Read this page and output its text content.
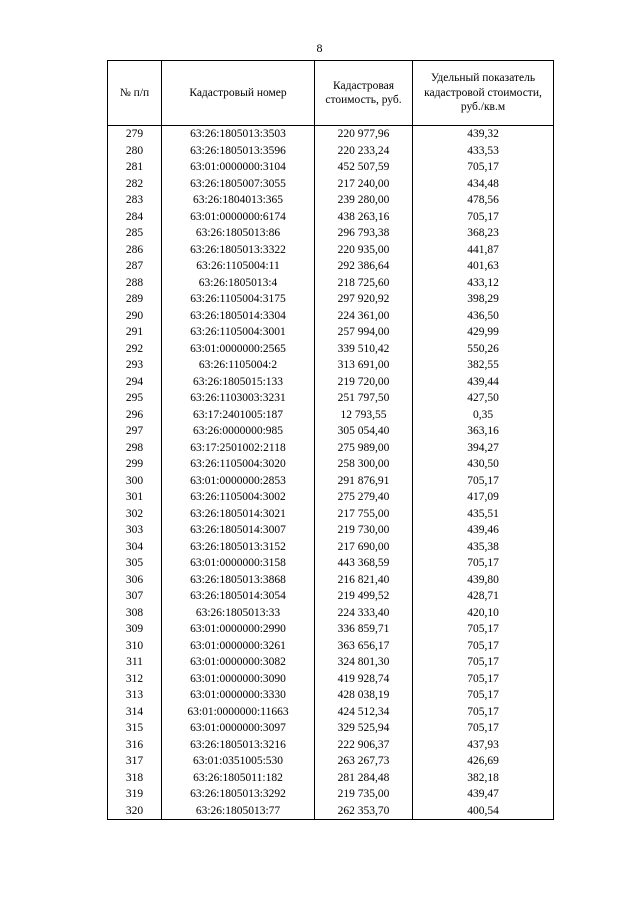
8
№ п/п	Кадастровый номер	Кадастровая стоимость, руб.	Удельный показатель кадастровой стоимости, руб./кв.м
279	63:26:1805013:3503	220 977,96	439,32
280	63:26:1805013:3596	220 233,24	433,53
281	63:01:0000000:3104	452 507,59	705,17
282	63:26:1805007:3055	217 240,00	434,48
283	63:26:1804013:365	239 280,00	478,56
284	63:01:0000000:6174	438 263,16	705,17
285	63:26:1805013:86	296 793,38	368,23
286	63:26:1805013:3322	220 935,00	441,87
287	63:26:1105004:11	292 386,64	401,63
288	63:26:1805013:4	218 725,60	433,12
289	63:26:1105004:3175	297 920,92	398,29
290	63:26:1805014:3304	224 361,00	436,50
291	63:26:1105004:3001	257 994,00	429,99
292	63:01:0000000:2565	339 510,42	550,26
293	63:26:1105004:2	313 691,00	382,55
294	63:26:1805015:133	219 720,00	439,44
295	63:26:1103003:3231	251 797,50	427,50
296	63:17:2401005:187	12 793,55	0,35
297	63:26:0000000:985	305 054,40	363,16
298	63:17:2501002:2118	275 989,00	394,27
299	63:26:1105004:3020	258 300,00	430,50
300	63:01:0000000:2853	291 876,91	705,17
301	63:26:1105004:3002	275 279,40	417,09
302	63:26:1805014:3021	217 755,00	435,51
303	63:26:1805014:3007	219 730,00	439,46
304	63:26:1805013:3152	217 690,00	435,38
305	63:01:0000000:3158	443 368,59	705,17
306	63:26:1805013:3868	216 821,40	439,80
307	63:26:1805014:3054	219 499,52	428,71
308	63:26:1805013:33	224 333,40	420,10
309	63:01:0000000:2990	336 859,71	705,17
310	63:01:0000000:3261	363 656,17	705,17
311	63:01:0000000:3082	324 801,30	705,17
312	63:01:0000000:3090	419 928,74	705,17
313	63:01:0000000:3330	428 038,19	705,17
314	63:01:0000000:11663	424 512,34	705,17
315	63:01:0000000:3097	329 525,94	705,17
316	63:26:1805013:3216	222 906,37	437,93
317	63:01:0351005:530	263 267,73	426,69
318	63:26:1805011:182	281 284,48	382,18
319	63:26:1805013:3292	219 735,00	439,47
320	63:26:1805013:77	262 353,70	400,54
